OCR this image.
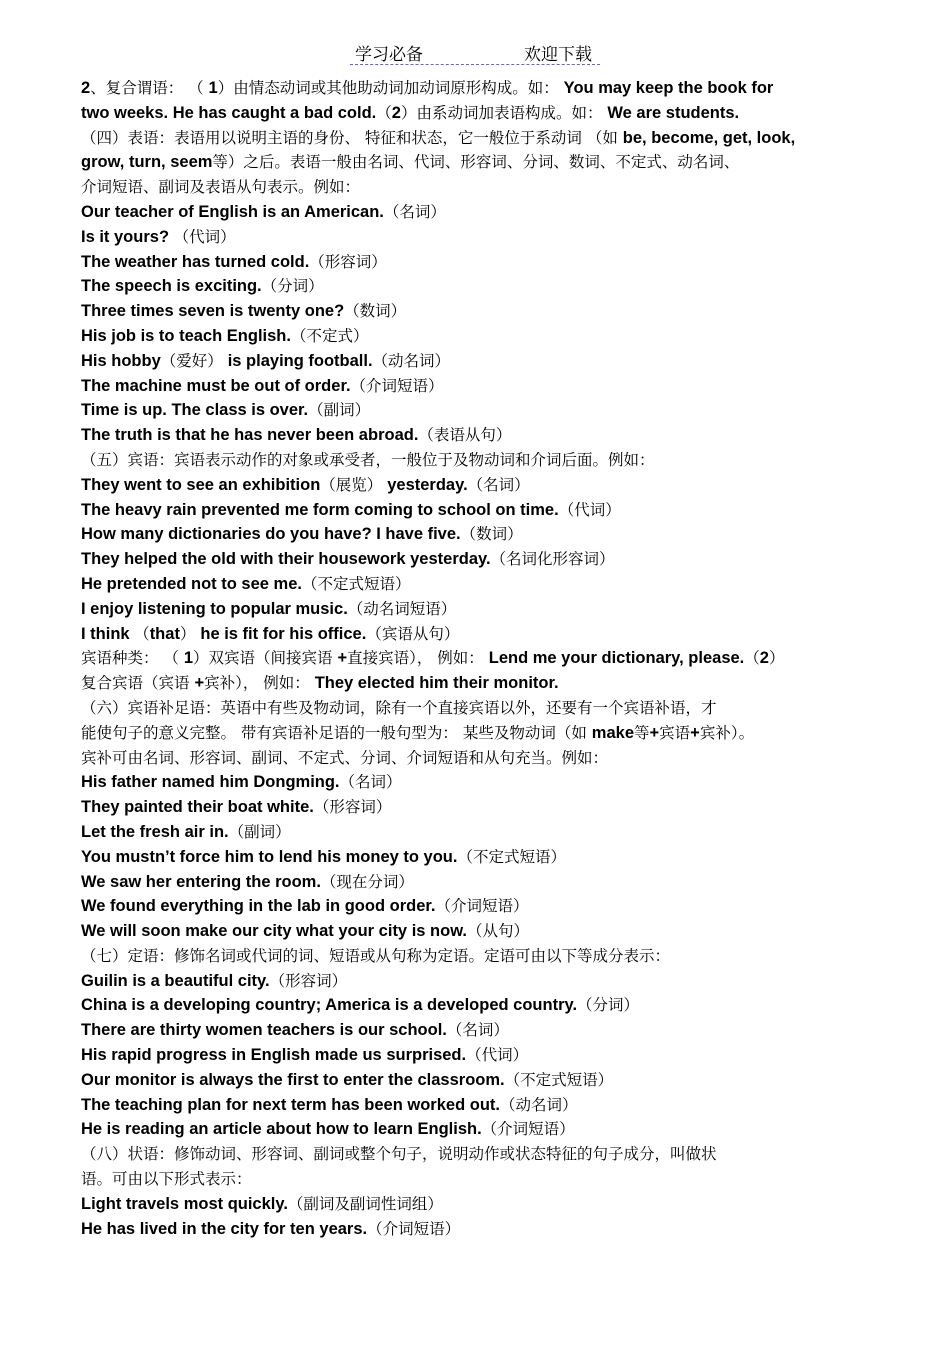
学习必备	欢迎下载
2、复合谓语： （ 1）由情态动词或其他助动词加动词原形构成。如： You may keep the book for
two weeks. He has caught a bad cold.（2）由系动词加表语构成。如： We are students.
（四）表语：表语用以说明主语的身份、 特征和状态，它一般位于系动词 （如 be, become, get, look,
grow, turn, seem等）之后。表语一般由名词、代词、形容词、分词、数词、不定式、动名词、
介词短语、副词及表语从句表示。例如：
Our teacher of English is an American.（名词）
Is it yours? （代词）
The weather has turned cold.（形容词）
The speech is exciting.（分词）
Three times seven is twenty one?（数词）
His job is to teach English.（不定式）
His hobby（爱好） is playing football.（动名词）
The machine must be out of order.（介词短语）
Time is up. The class is over.（副词）
The truth is that he has never been abroad.（表语从句）
（五）宾语：宾语表示动作的对象或承受者，一般位于及物动词和介词后面。例如：
They went to see an exhibition（展览） yesterday.（名词）
The heavy rain prevented me form coming to school on time.（代词）
How many dictionaries do you have? I have five.（数词）
They helped the old with their housework yesterday.（名词化形容词）
He pretended not to see me.（不定式短语）
I enjoy listening to popular music.（动名词短语）
I think （that） he is fit for his office.（宾语从句）
宾语种类： （ 1）双宾语（间接宾语 +直接宾语）， 例如： Lend me your dictionary, please.（2）
复合宾语（宾语 +宾补）， 例如： They elected him their monitor.
（六）宾语补足语：英语中有些及物动词，除有一个直接宾语以外，还要有一个宾语补语，才
能使句子的意义完整。 带有宾语补足语的一般句型为： 某些及物动词（如 make等+宾语+宾补）。
宾补可由名词、形容词、副词、不定式、分词、介词短语和从句充当。例如：
His father named him Dongming.（名词）
They painted their boat white.（形容词）
Let the fresh air in.（副词）
You mustn’t force him to lend his money to you.（不定式短语）
We saw her entering the room.（现在分词）
We found everything in the lab in good order.（介词短语）
We will soon make our city what your city is now.（从句）
（七）定语：修饰名词或代词的词、短语或从句称为定语。定语可由以下等成分表示：
Guilin is a beautiful city.（形容词）
China is a developing country; America is a developed country.（分词）
There are thirty women teachers is our school.（名词）
His rapid progress in English made us surprised.（代词）
Our monitor is always the first to enter the classroom.（不定式短语）
The teaching plan for next term has been worked out.（动名词）
He is reading an article about how to learn English.（介词短语）
（八）状语：修饰动词、形容词、副词或整个句子，说明动作或状态特征的句子成分，叫做状
语。可由以下形式表示：
Light travels most quickly.（副词及副词性词组）
He has lived in the city for ten years.（介词短语）
